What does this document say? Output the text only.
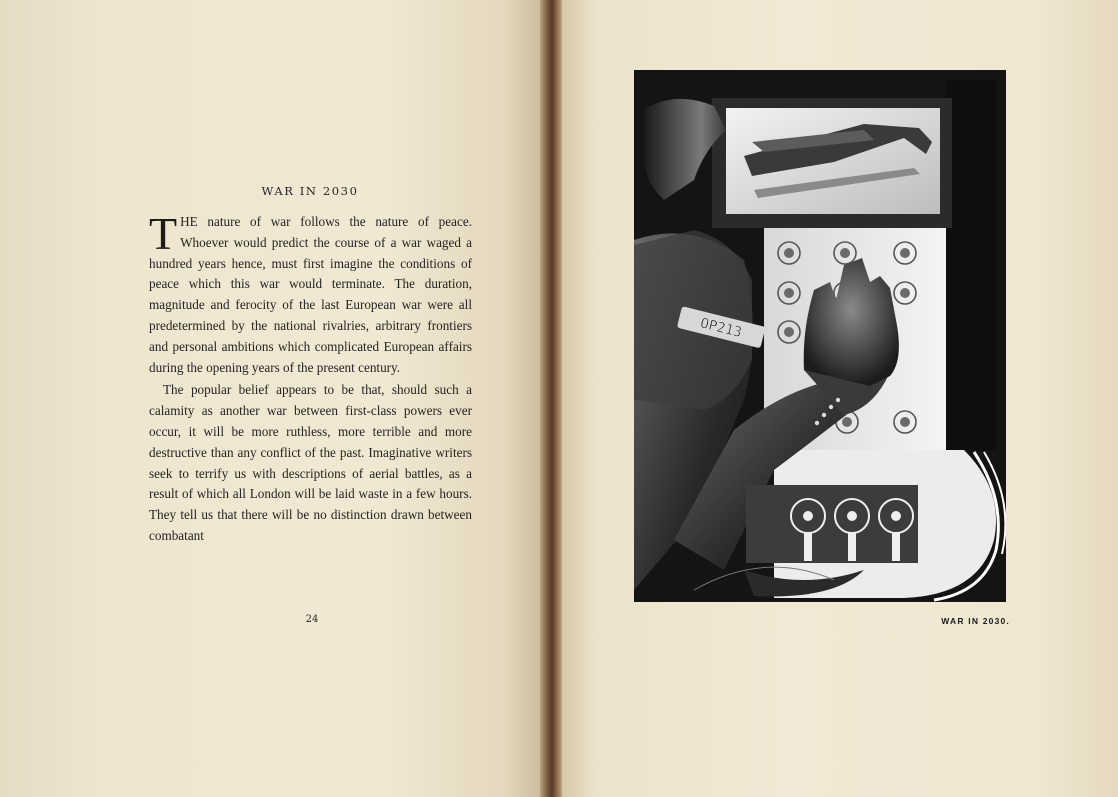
WAR IN 2030

THE nature of war follows the nature of peace. Whoever would predict the course of a war waged a hundred years hence, must first imagine the conditions of peace which this war would terminate. The duration, magnitude and ferocity of the last European war were all predetermined by the national rivalries, arbitrary frontiers and personal ambitions which complicated European affairs during the opening years of the present century.

The popular belief appears to be that, should such a calamity as another war between first-class powers ever occur, it will be more ruthless, more terrible and more destructive than any conflict of the past. Imaginative writers seek to terrify us with descriptions of aerial battles, as a result of which all London will be laid waste in a few hours. They tell us that there will be no distinction drawn between combatant

24
OP213
WAR IN 2030.
